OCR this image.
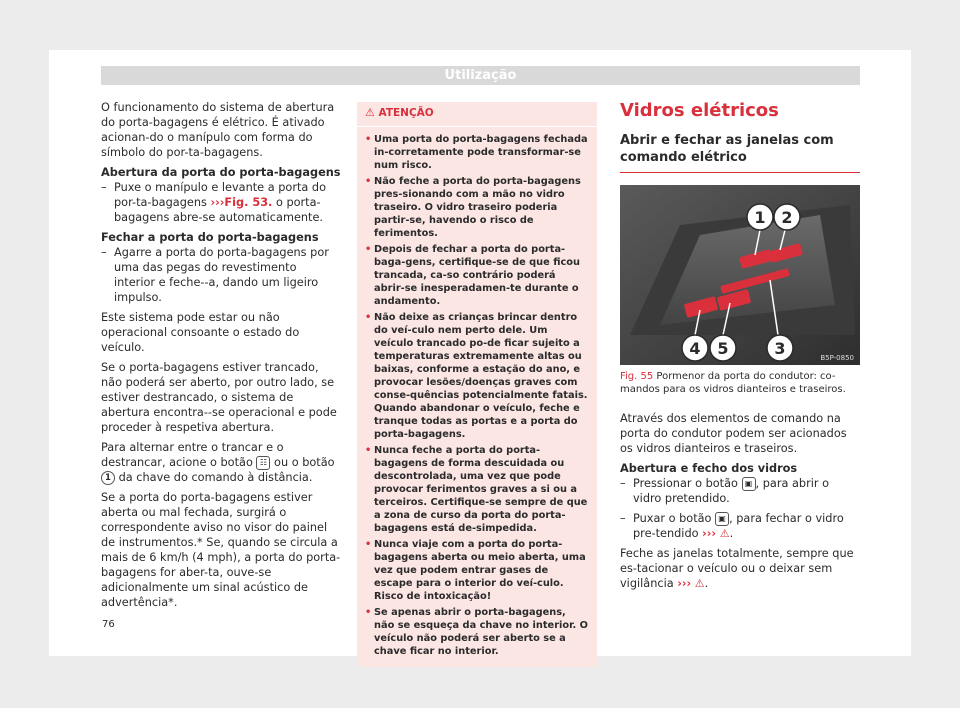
Utilização

O funcionamento do sistema de abertura do porta-bagagens é elétrico. É ativado acionan-do o manípulo com forma do símbolo do por-ta-bagagens.

Abertura da porta do porta-bagagens

– Puxe o manípulo e levante a porta do por-ta-bagagens ›››Fig. 53. o porta-bagagens abre-se automaticamente.

Fechar a porta do porta-bagagens

– Agarre a porta do porta-bagagens por uma das pegas do revestimento interior e feche--a, dando um ligeiro impulso.

Este sistema pode estar ou não operacional consoante o estado do veículo.

Se o porta-bagagens estiver trancado, não poderá ser aberto, por outro lado, se estiver destrancado, o sistema de abertura encontra--se operacional e pode proceder à respetiva abertura.

Para alternar entre o trancar e o destrancar, acione o botão ☷ ou o botão 1 da chave do comando à distância.

Se a porta do porta-bagagens estiver aberta ou mal fechada, surgirá o correspondente aviso no visor do painel de instrumentos.* Se, quando se circula a mais de 6 km/h (4 mph), a porta do porta-bagagens for aber-ta, ouve-se adicionalmente um sinal acústico de advertência*.

⚠ ATENÇÃO
• Uma porta do porta-bagagens fechada in-corretamente pode transformar-se num risco.
• Não feche a porta do porta-bagagens pres-sionando com a mão no vidro traseiro. O vidro traseiro poderia partir-se, havendo o risco de ferimentos.
• Depois de fechar a porta do porta-baga-gens, certifique-se de que ficou trancada, ca-so contrário poderá abrir-se inesperadamen-te durante o andamento.
• Não deixe as crianças brincar dentro do veí-culo nem perto dele. Um veículo trancado po-de ficar sujeito a temperaturas extremamente altas ou baixas, conforme a estação do ano, e provocar lesões/doenças graves com conse-quências potencialmente fatais. Quando abandonar o veículo, feche e tranque todas as portas e a porta do porta-bagagens.
• Nunca feche a porta do porta-bagagens de forma descuidada ou descontrolada, uma vez que pode provocar ferimentos graves a si ou a terceiros. Certifique-se sempre de que a zona de curso da porta do porta-bagagens está de-simpedida.
• Nunca viaje com a porta do porta-bagagens aberta ou meio aberta, uma vez que podem entrar gases de escape para o interior do veí-culo. Risco de intoxicação!
• Se apenas abrir o porta-bagagens, não se esqueça da chave no interior. O veículo não poderá ser aberto se a chave ficar no interior.
Vidros elétricos
Abrir e fechar as janelas com comando elétrico
1 2
3
4 5	B5P-0850
Fig. 55 Pormenor da porta do condutor: co-mandos para os vidros dianteiros e traseiros.

Através dos elementos de comando na porta do condutor podem ser acionados os vidros dianteiros e traseiros.

Abertura e fecho dos vidros

– Pressionar o botão ▣ , para abrir o vidro pretendido.
– Puxar o botão ▣ , para fechar o vidro pre-tendido ››› ⚠.

Feche as janelas totalmente, sempre que es-tacionar o veículo ou o deixar sem vigilância ››› ⚠.

76
